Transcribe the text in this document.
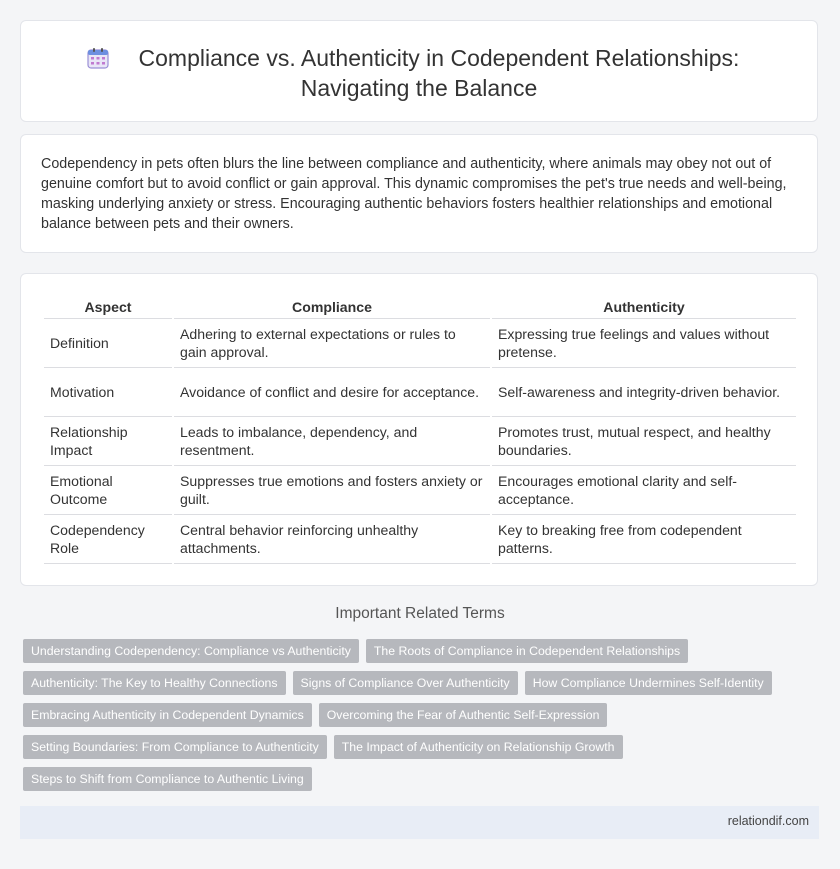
Compliance vs. Authenticity in Codependent Relationships:
Navigating the Balance

Codependency in pets often blurs the line between compliance and authenticity, where animals may obey not out of genuine comfort but to avoid conflict or gain approval. This dynamic compromises the pet's true needs and well-being, masking underlying anxiety or stress. Encouraging authentic behaviors fosters healthier relationships and emotional balance between pets and their owners.

Aspect	Compliance	Authenticity
Definition	Adhering to external expectations or rules to gain approval.	Expressing true feelings and values without pretense.
Motivation	Avoidance of conflict and desire for acceptance.	Self-awareness and integrity-driven behavior.
Relationship Impact	Leads to imbalance, dependency, and resentment.	Promotes trust, mutual respect, and healthy boundaries.
Emotional Outcome	Suppresses true emotions and fosters anxiety or guilt.	Encourages emotional clarity and self-acceptance.
Codependency Role	Central behavior reinforcing unhealthy attachments.	Key to breaking free from codependent patterns.
Important Related Terms
Understanding Codependency: Compliance vs Authenticity	The Roots of Compliance in Codependent Relationships
Authenticity: The Key to Healthy Connections	Signs of Compliance Over Authenticity	How Compliance Undermines Self-Identity
Embracing Authenticity in Codependent Dynamics	Overcoming the Fear of Authentic Self-Expression
Setting Boundaries: From Compliance to Authenticity	The Impact of Authenticity on Relationship Growth
Steps to Shift from Compliance to Authentic Living
relationdif.com
